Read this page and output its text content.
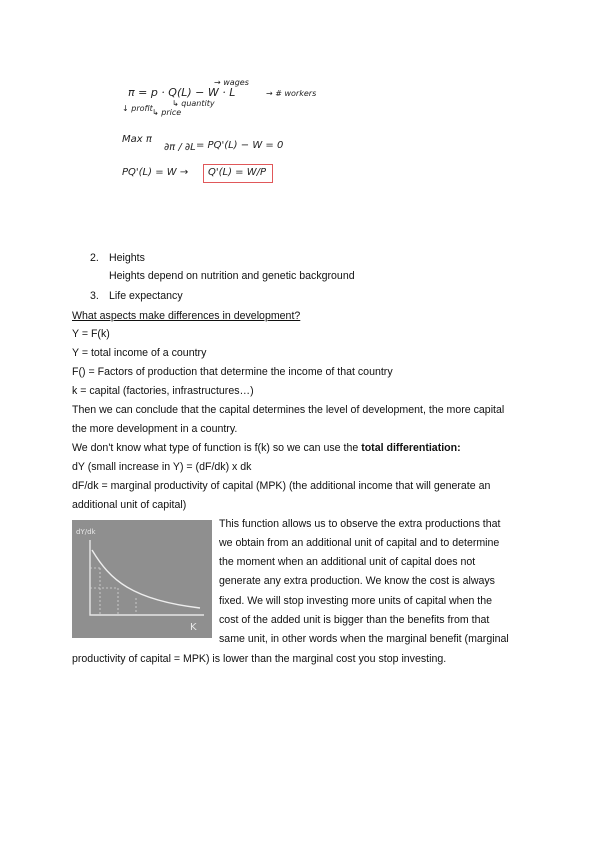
→ wages
π = p · Q(L) − W · L	→ # workers
↳ quantity
↓ profit ↳ price
Max π
∂π / ∂L = PQ'(L) − W = 0
PQ'(L) = W → Q'(L) = W/P
2. Heights
Heights depend on nutrition and genetic background
3. Life expectancy
What aspects make differences in development?
Y = F(k)
Y = total income of a country
F() = Factors of production that determine the income of that country
k = capital (factories, infrastructures…)
Then we can conclude that the capital determines the level of development, the more capital
the more development in a country.
We don't know what type of function is f(k) so we can use the total differentiation:
dY (small increase in Y) = (dF/dk) x dk
dF/dk = marginal productivity of capital (MPK) (the additional income that will generate an
additional unit of capital)
dY/dk
K
This function allows us to observe the extra productions that
we obtain from an additional unit of capital and to determine
the moment when an additional unit of capital does not
generate any extra production. We know the cost is always
fixed. We will stop investing more units of capital when the
cost of the added unit is bigger than the benefits from that
same unit, in other words when the marginal benefit (marginal
productivity of capital = MPK) is lower than the marginal cost you stop investing.
